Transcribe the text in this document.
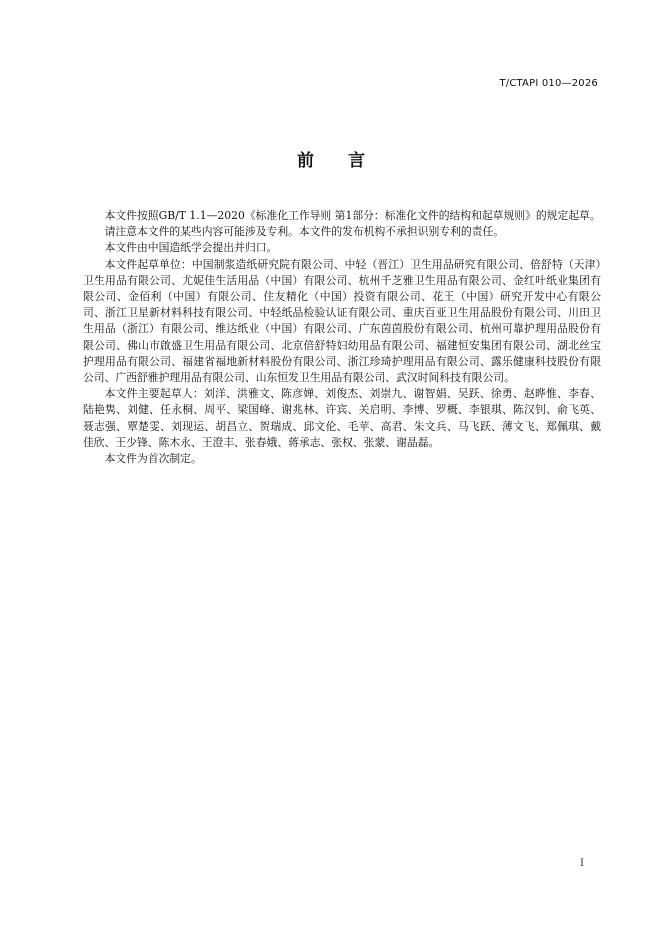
T/CTAPI 010—2026
前言

本文件按照GB/T 1.1—2020《标准化工作导则 第1部分：标准化文件的结构和起草规则》的规定起草。

请注意本文件的某些内容可能涉及专利。本文件的发布机构不承担识别专利的责任。

本文件由中国造纸学会提出并归口。

本文件起草单位：中国制浆造纸研究院有限公司、中轻（晋江）卫生用品研究有限公司、倍舒特（天津）卫生用品有限公司、尤妮佳生活用品（中国）有限公司、杭州千芝雅卫生用品有限公司、金红叶纸业集团有限公司、金佰利（中国）有限公司、住友精化（中国）投资有限公司、花王（中国）研究开发中心有限公司、浙江卫星新材料科技有限公司、中轻纸品检验认证有限公司、重庆百亚卫生用品股份有限公司、川田卫生用品（浙江）有限公司、维达纸业（中国）有限公司、广东茵茵股份有限公司、杭州可靠护理用品股份有限公司、佛山市啟盛卫生用品有限公司、北京倍舒特妇幼用品有限公司、福建恒安集团有限公司、湖北丝宝护理用品有限公司、福建省福地新材料股份有限公司、浙江珍琦护理用品有限公司、露乐健康科技股份有限公司、广西舒雅护理用品有限公司、山东恒发卫生用品有限公司、武汉时间科技有限公司。

本文件主要起草人：刘洋、洪雅文、陈彦婵、刘俊杰、刘崇九、谢智娟、吴跃、徐勇、赵晔惟、李春、陆艳隽、刘健、任永桐、周平、梁国峰、谢兆林、许宾、关启明、李博、罗概、李银琪、陈汉钊、俞飞英、聂志强、覃楚雯、刘现运、胡昌立、贺瑞成、邱文伦、毛苹、高君、朱文兵、马飞跃、薄文飞、郑佩琪、戴佳欣、王少锋、陈木永、王澄丰、张春娥、蒋承志、张权、张蒙、谢晶磊。

本文件为首次制定。

I
